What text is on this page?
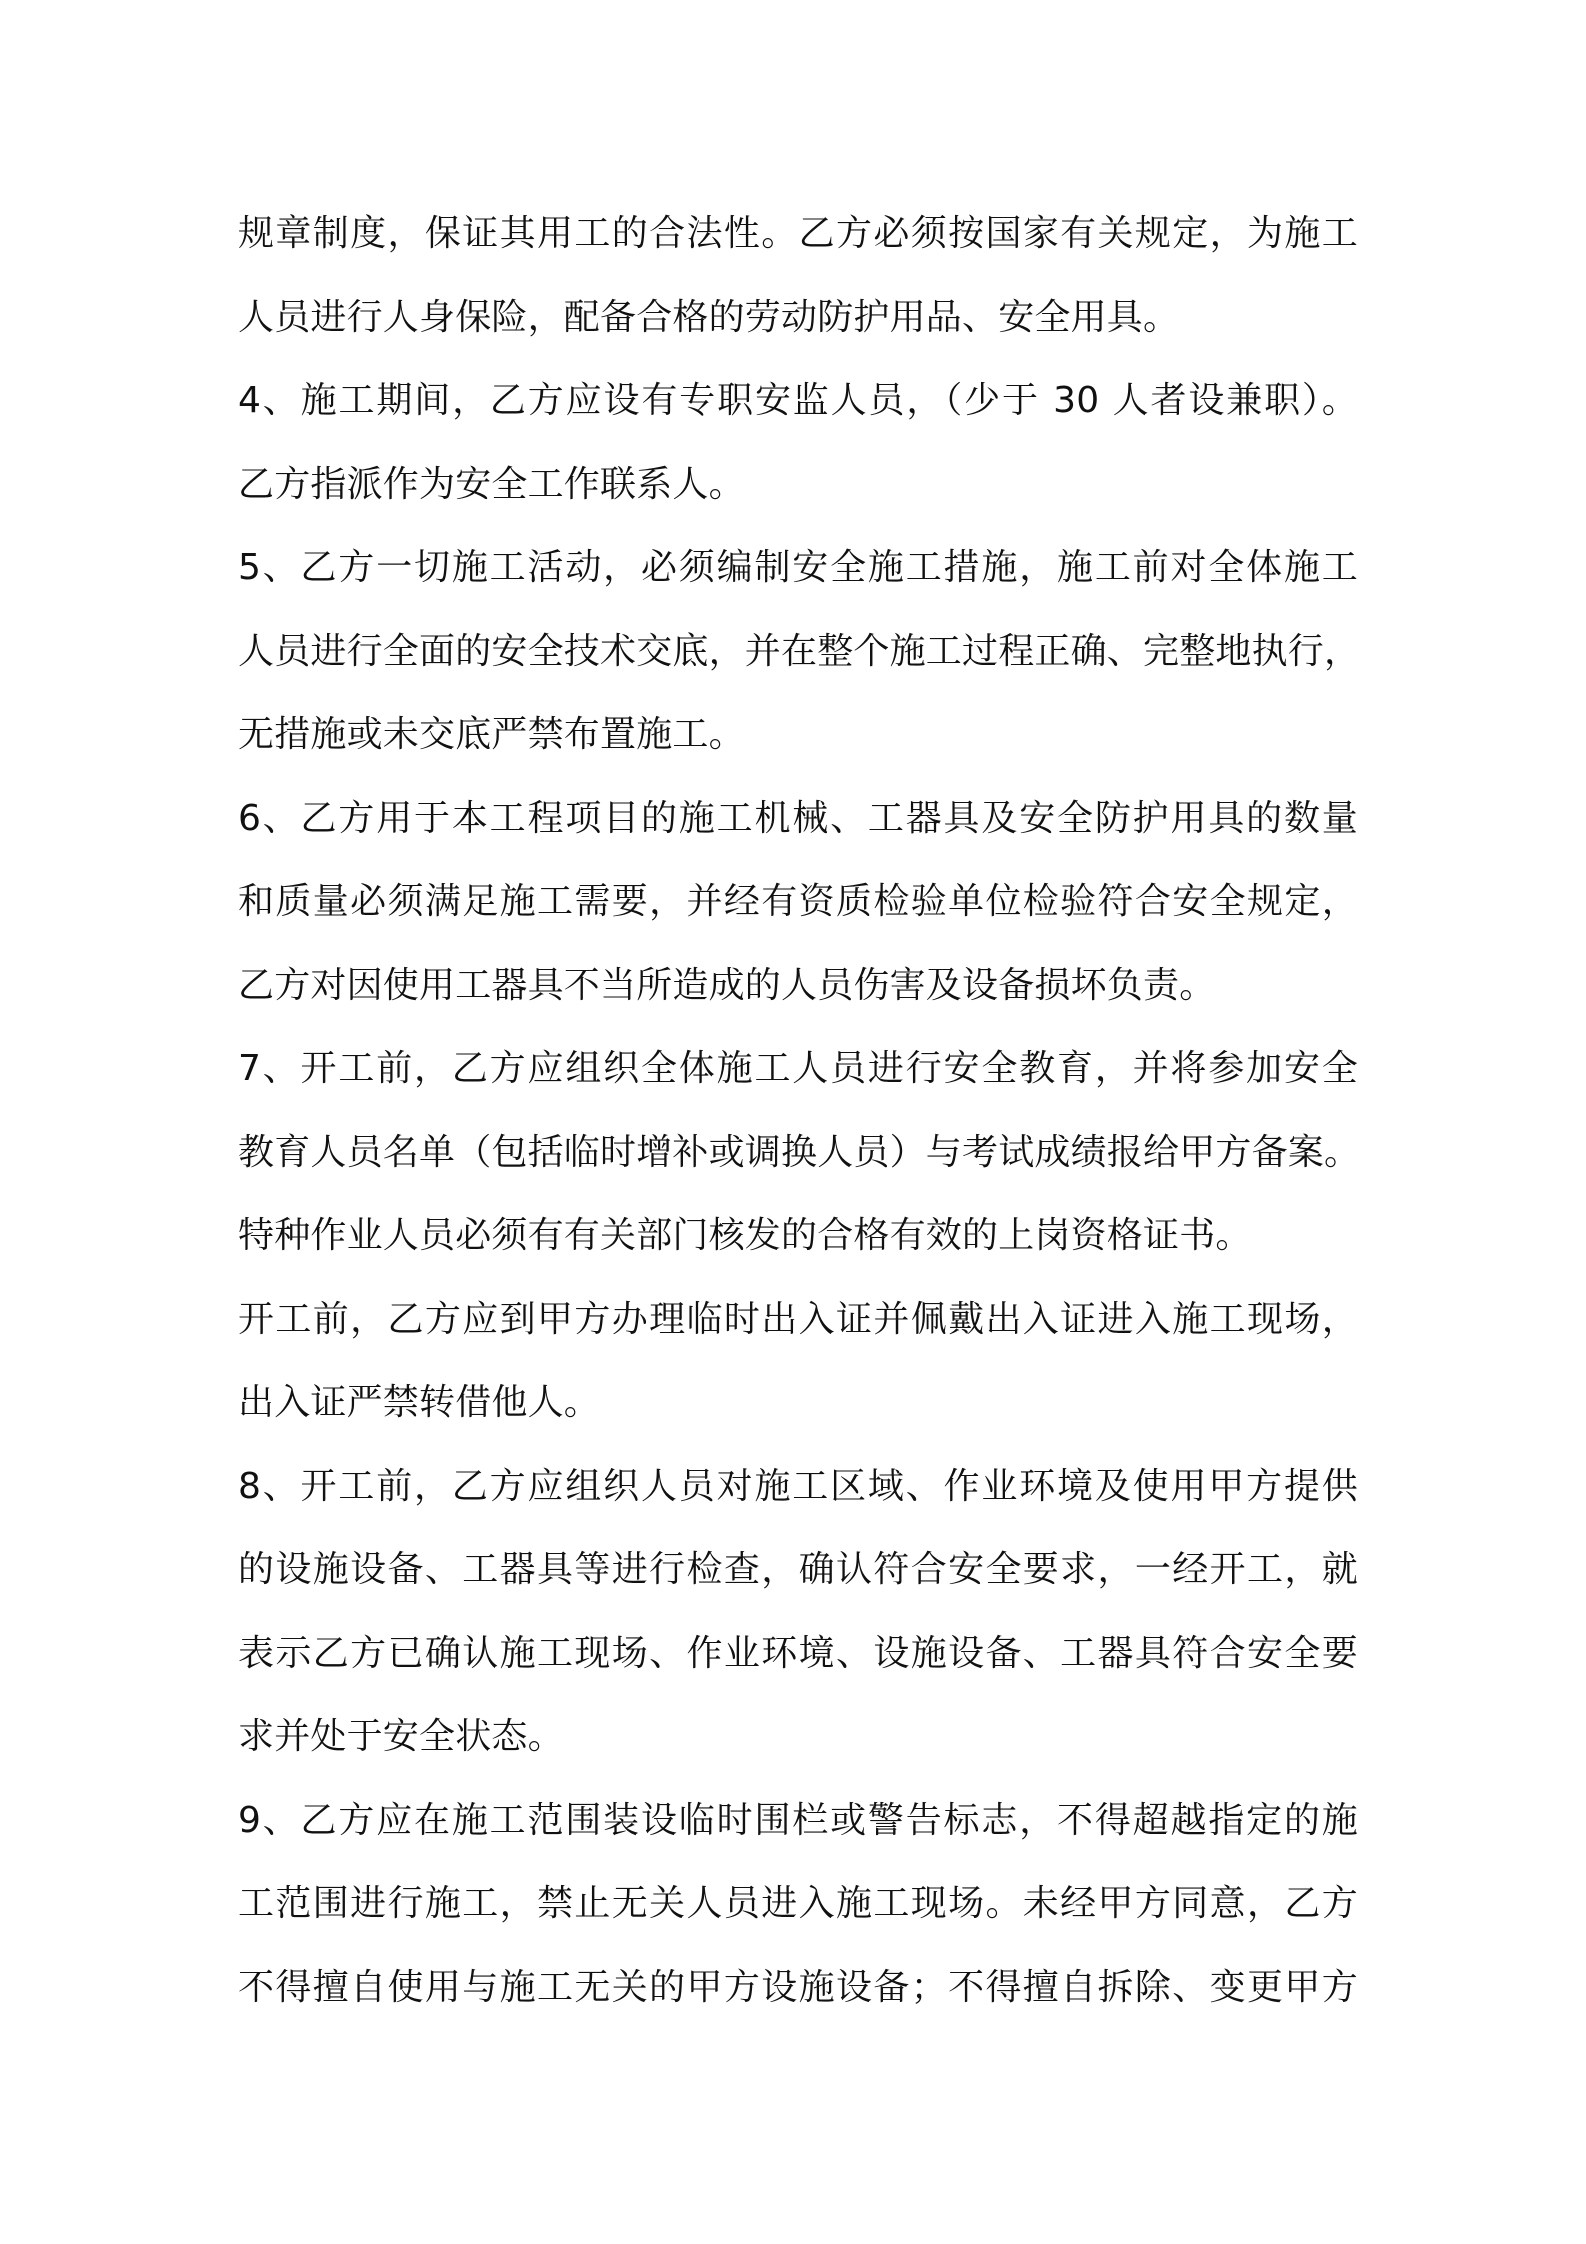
规章制度，保证其用工的合法性。乙方必须按国家有关规定，为施工
人员进行人身保险，配备合格的劳动防护用品、安全用具。
4、施工期间，乙方应设有专职安监人员，（少于 30 人者设兼职）。
乙方指派作为安全工作联系人。
5、乙方一切施工活动，必须编制安全施工措施，施工前对全体施工
人员进行全面的安全技术交底，并在整个施工过程正确、完整地执行，
无措施或未交底严禁布置施工。
6、乙方用于本工程项目的施工机械、工器具及安全防护用具的数量
和质量必须满足施工需要，并经有资质检验单位检验符合安全规定，
乙方对因使用工器具不当所造成的人员伤害及设备损坏负责。
7、开工前，乙方应组织全体施工人员进行安全教育，并将参加安全
教育人员名单（包括临时增补或调换人员）与考试成绩报给甲方备案。
特种作业人员必须有有关部门核发的合格有效的上岗资格证书。
开工前，乙方应到甲方办理临时出入证并佩戴出入证进入施工现场，
出入证严禁转借他人。
8、开工前，乙方应组织人员对施工区域、作业环境及使用甲方提供
的设施设备、工器具等进行检查，确认符合安全要求，一经开工，就
表示乙方已确认施工现场、作业环境、设施设备、工器具符合安全要
求并处于安全状态。
9、乙方应在施工范围装设临时围栏或警告标志，不得超越指定的施
工范围进行施工，禁止无关人员进入施工现场。未经甲方同意，乙方
不得擅自使用与施工无关的甲方设施设备；不得擅自拆除、变更甲方
